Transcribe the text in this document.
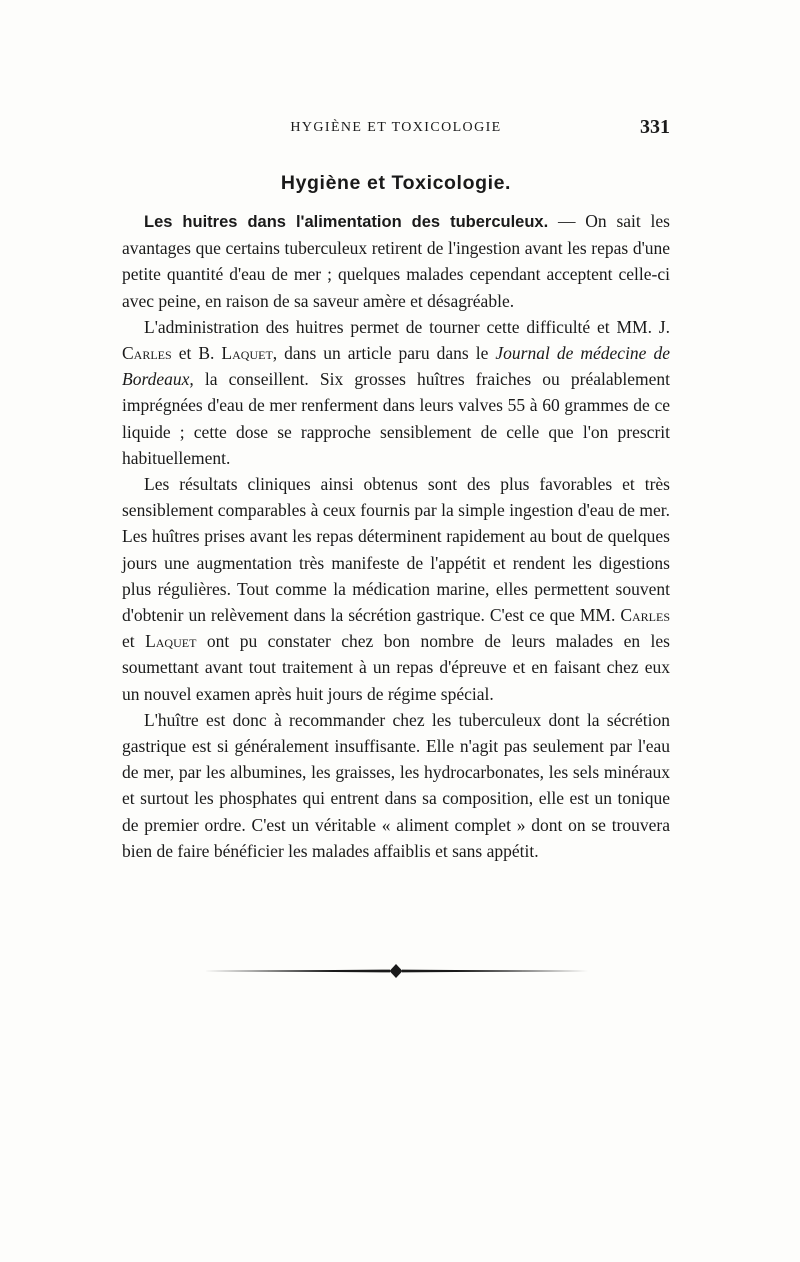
HYGIÈNE ET TOXICOLOGIE	331
Hygiène et Toxicologie.

Les huitres dans l'alimentation des tuberculeux. — On sait les avantages que certains tuberculeux retirent de l'ingestion avant les repas d'une petite quantité d'eau de mer ; quelques malades cependant acceptent celle-ci avec peine, en raison de sa saveur amère et désagréable.

L'administration des huitres permet de tourner cette difficulté et MM. J. Carles et B. Laquet, dans un article paru dans le Journal de médecine de Bordeaux, la conseillent. Six grosses huîtres fraiches ou préalablement imprégnées d'eau de mer renferment dans leurs valves 55 à 60 grammes de ce liquide ; cette dose se rapproche sensiblement de celle que l'on prescrit habituellement.

Les résultats cliniques ainsi obtenus sont des plus favorables et très sensiblement comparables à ceux fournis par la simple ingestion d'eau de mer. Les huîtres prises avant les repas déterminent rapidement au bout de quelques jours une augmentation très manifeste de l'appétit et rendent les digestions plus régulières. Tout comme la médication marine, elles permettent souvent d'obtenir un relèvement dans la sécrétion gastrique. C'est ce que MM. Carles et Laquet ont pu constater chez bon nombre de leurs malades en les soumettant avant tout traitement à un repas d'épreuve et en faisant chez eux un nouvel examen après huit jours de régime spécial.

L'huître est donc à recommander chez les tuberculeux dont la sécrétion gastrique est si généralement insuffisante. Elle n'agit pas seulement par l'eau de mer, par les albumines, les graisses, les hydrocarbonates, les sels minéraux et surtout les phosphates qui entrent dans sa composition, elle est un tonique de premier ordre. C'est un véritable « aliment complet » dont on se trouvera bien de faire bénéficier les malades affaiblis et sans appétit.
